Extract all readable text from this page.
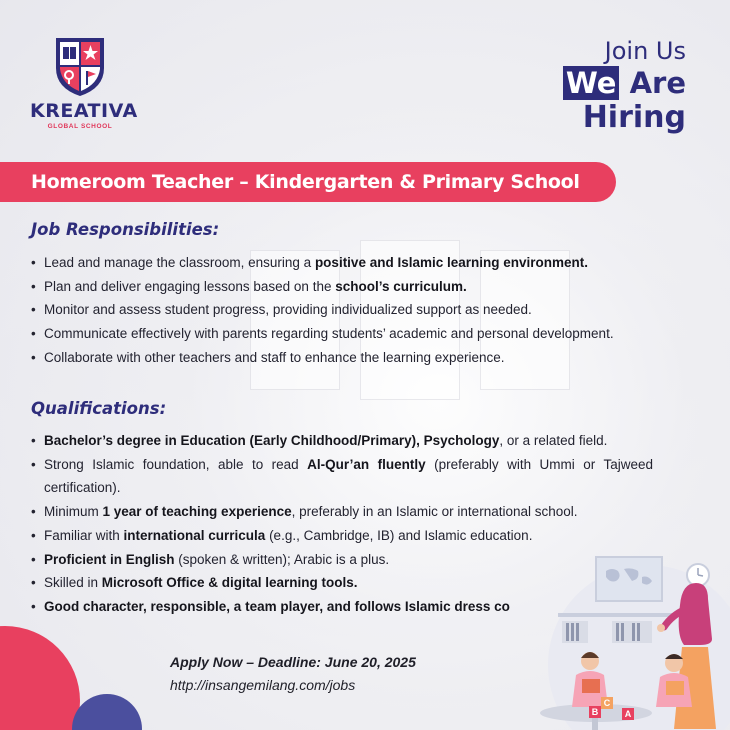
KREATIVA
GLOBAL SCHOOL
Join Us
We Are
Hiring
Homeroom Teacher – Kindergarten & Primary School
Job Responsibilities:
• Lead and manage the classroom, ensuring a positive and Islamic learning environment.
• Plan and deliver engaging lessons based on the school’s curriculum.
• Monitor and assess student progress, providing individualized support as needed.
• Communicate effectively with parents regarding students’ academic and personal development.
• Collaborate with other teachers and staff to enhance the learning experience.
Qualifications:
• Bachelor’s degree in Education (Early Childhood/Primary), Psychology, or a related field.
• Strong Islamic foundation, able to read Al-Qur’an fluently (preferably with Ummi or Tajweed certification).
• Minimum 1 year of teaching experience, preferably in an Islamic or international school.
• Familiar with international curricula (e.g., Cambridge, IB) and Islamic education.
• Proficient in English (spoken & written); Arabic is a plus.
• Skilled in Microsoft Office & digital learning tools.
• Good character, responsible, a team player, and follows Islamic dress co
Apply Now – Deadline: June 20, 2025
http://insangemilang.com/jobs
B
C
A
